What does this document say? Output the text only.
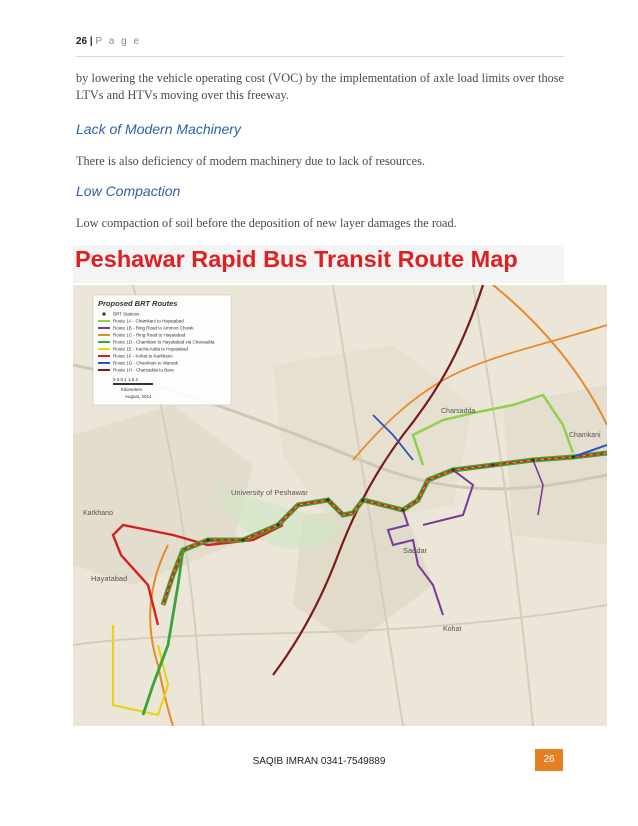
26 | P a g e
by lowering the vehicle operating cost (VOC) by the implementation of axle load limits over those LTVs and HTVs moving over this freeway.
Lack of Modern Machinery
There is also deficiency of modern machinery due to lack of resources.
Low Compaction
Low compaction of soil before the deposition of new layer damages the road.
Peshawar Rapid Bus Transit Route Map
Charsadda
Chamkani
University of Peshawar
Karkhano
Hayatabad
Saddar
Kohat
Proposed BRT Routes
BRT Stations
Route 1A - Chamkani to Hayatabad
Route 1B - Ring Road to Ammon Chowk
Route 1C - Ring Road to Hayatabad
Route 1D - Chamkani to Hayatabad via Charsadda
Route 1E - Kacha Adda to Hayatabad
Route 1F - Kohat to Karkhano
Route 1G - Chamkani to Warsak
Route 1H - Charsadda to Bara
0 0.5 1 1.5 2
Kilometers
August, 2014
SAQIB IMRAN 0341-7549889	26
